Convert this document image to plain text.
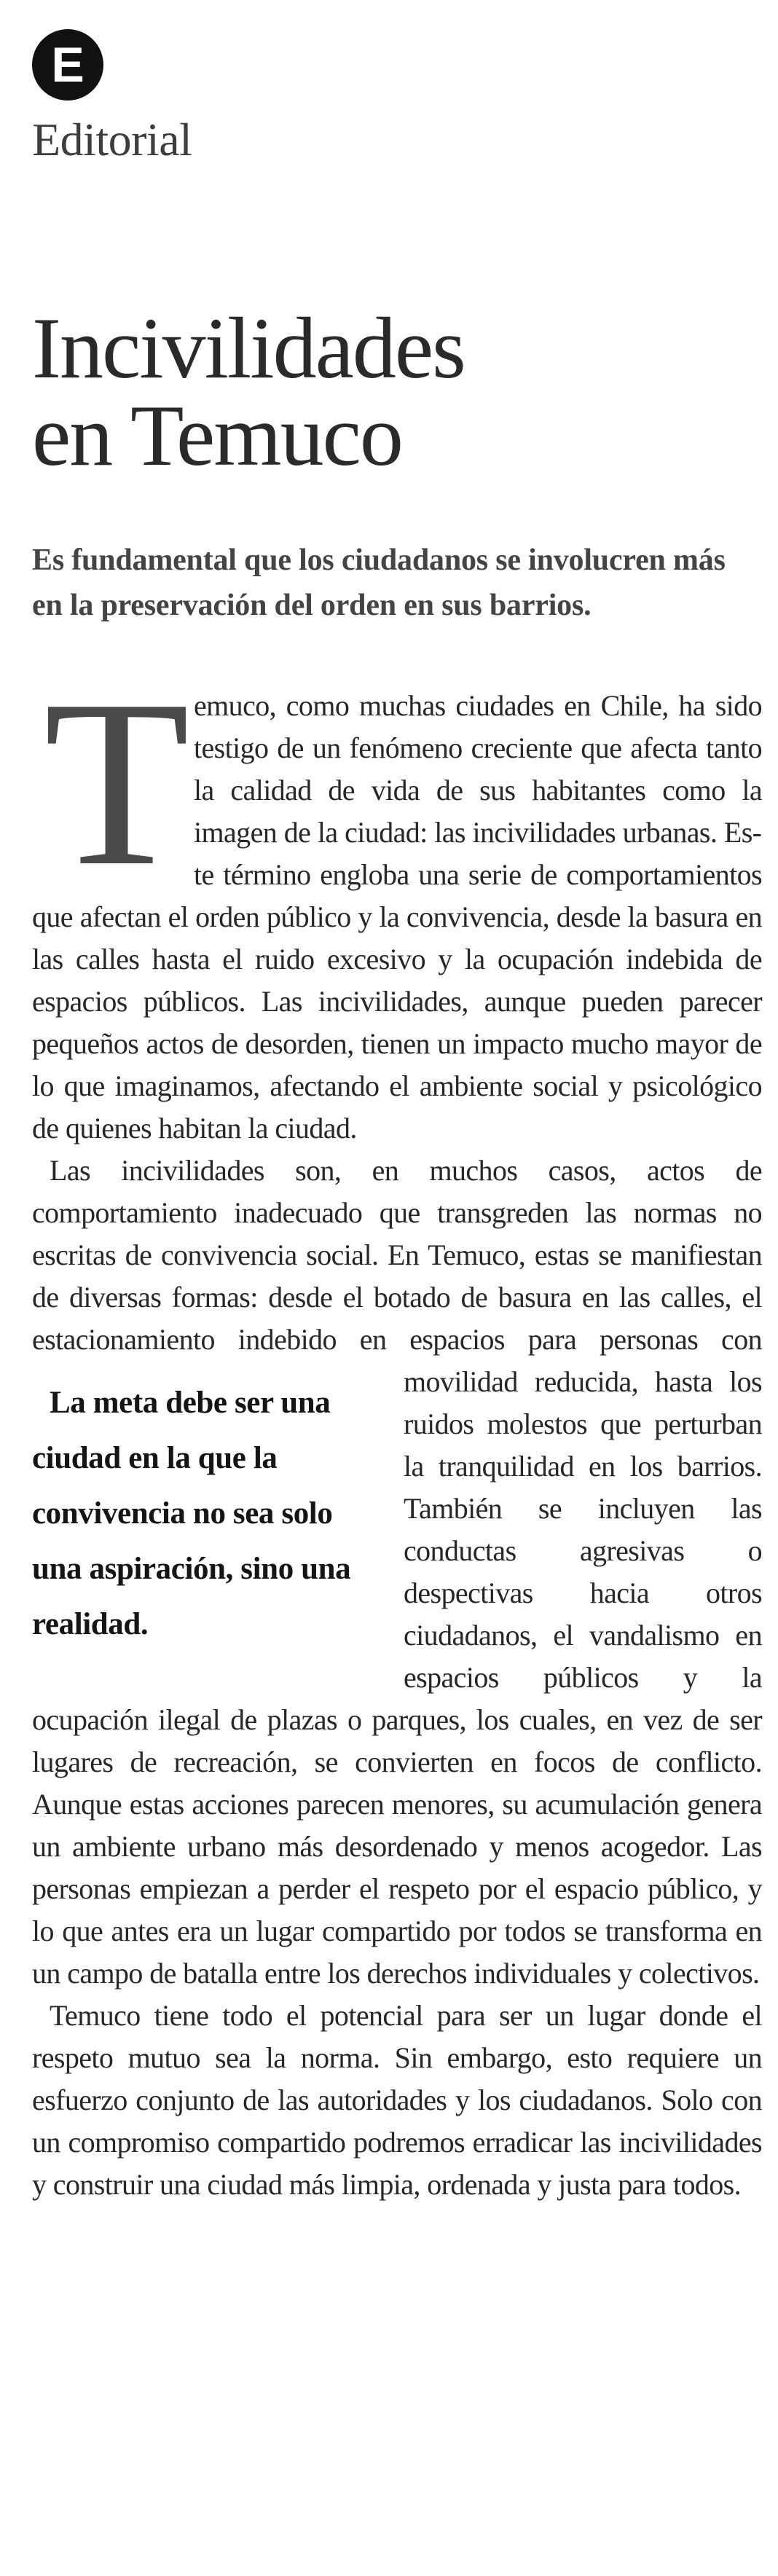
E
Editorial
Incivilidades
en Temuco
Es fundamental que los ciudadanos se involucren más en la preservación del orden en sus barrios.

Temuco, como muchas ciudades en Chile, ha sido testigo de un fenómeno creciente que afecta tanto la calidad de vida de sus habitantes como la imagen de la ciudad: las incivilidades urbanas. Este término engloba una serie de comportamientos que afectan el orden público y la convivencia, desde la basura en las calles hasta el ruido excesivo y la ocupación indebida de espacios públicos. Las incivilidades, aunque pueden parecer pequeños actos de desorden, tienen un impacto mucho mayor de lo que imaginamos, afectando el ambiente social y psicológico de quienes habitan la ciudad.

Las incivilidades son, en muchos casos, actos de comportamiento inadecuado que transgreden las normas no escritas de convivencia social. En Temuco, estas se manifiestan de diversas formas: desde el botado de basura en las calles, el estacionamiento indebido en espacios para personas con movilidad re
La meta debe ser una ciudad en la que la convivencia no sea solo una aspiración, sino una realidad.
ducida, hasta los ruidos molestos que perturban la tranquilidad en los barrios. También se incluyen las conductas agresivas o despectivas hacia otros ciudadanos, el vandalismo en espacios públicos y la ocupación ilegal de plazas o parques, los cuales, en vez de ser lugares de recreación, se convierten en focos de conflicto. Aunque estas acciones parecen menores, su acumulación genera un ambiente urbano más desordenado y menos acogedor. Las personas empiezan a perder el respeto por el espacio público, y lo que antes era un lugar compartido por todos se transforma en un campo de batalla entre los derechos individuales y colectivos.

Temuco tiene todo el potencial para ser un lugar donde el respeto mutuo sea la norma. Sin embargo, esto requiere un esfuerzo conjunto de las autoridades y los ciudadanos. Solo con un compromiso compartido podremos erradicar las incivilidades y construir una ciudad más limpia, ordenada y justa para todos.
